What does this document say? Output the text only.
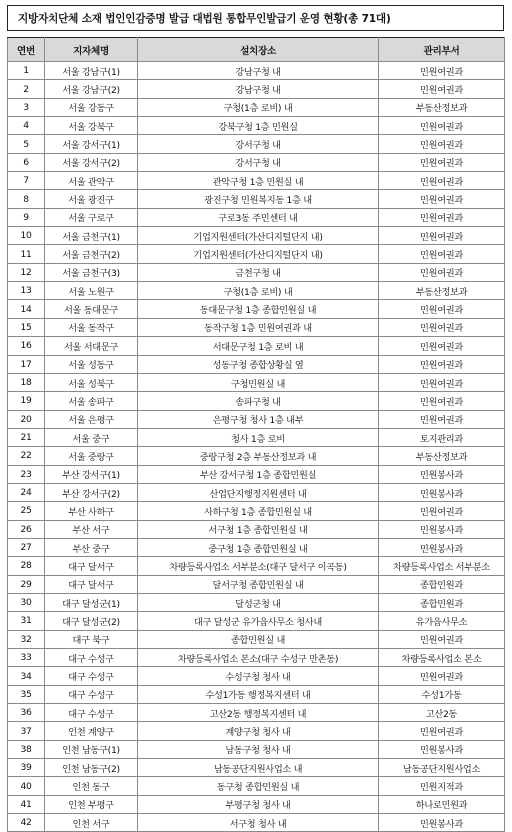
지방자치단체 소재 법인인감증명 발급 대법원 통합무인발급기 운영 현황(총 71대)
연번	지자체명	설치장소	관리부서
1	서울 강남구(1)	강남구청 내	민원여권과
2	서울 강남구(2)	강남구청 내	민원여권과
3	서울 강동구	구청(1층 로비) 내	부동산정보과
4	서울 강북구	강북구청 1층 민원실	민원여권과
5	서울 강서구(1)	강서구청 내	민원여권과
6	서울 강서구(2)	강서구청 내	민원여권과
7	서울 관악구	관악구청 1층 민원실 내	민원여권과
8	서울 광진구	광진구청 민원복지동 1층 내	민원여권과
9	서울 구로구	구로3동 주민센터 내	민원여권과
10	서울 금천구(1)	기업지원센터(가산디지털단지 내)	민원여권과
11	서울 금천구(2)	기업지원센터(가산디지털단지 내)	민원여권과
12	서울 금천구(3)	금천구청 내	민원여권과
13	서울 노원구	구청(1층 로비) 내	부동산정보과
14	서울 동대문구	동대문구청 1층 종합민원실 내	민원여권과
15	서울 동작구	동작구청 1층 민원여권과 내	민원여권과
16	서울 서대문구	서대문구청 1층 로비 내	민원여권과
17	서울 성동구	성동구청 종합상황실 옆	민원여권과
18	서울 성북구	구청민원실 내	민원여권과
19	서울 송파구	송파구청 내	민원여권과
20	서울 은평구	은평구청 청사 1층 내부	민원여권과
21	서울 중구	청사 1층 로비	토지관리과
22	서울 중랑구	중랑구청 2층 부동산정보과 내	부동산정보과
23	부산 강서구(1)	부산 강서구청 1층 종합민원실	민원봉사과
24	부산 강서구(2)	산업단지행정지원센터 내	민원봉사과
25	부산 사하구	사하구청 1층 종합민원실 내	민원여권과
26	부산 서구	서구청 1층 종합민원실 내	민원봉사과
27	부산 중구	중구청 1층 종합민원실 내	민원봉사과
28	대구 달서구	차량등록사업소 서부분소(대구 달서구 이곡동)	차량등록사업소 서부분소
29	대구 달서구	달서구청 종합민원실 내	종합민원과
30	대구 달성군(1)	달성군청 내	종합민원과
31	대구 달성군(2)	대구 달성군 유가읍사무소 청사내	유가읍사무소
32	대구 북구	종합민원실 내	민원여권과
33	대구 수성구	차량등록사업소 본소(대구 수성구 만촌동)	차량등록사업소 본소
34	대구 수성구	수성구청 청사 내	민원여권과
35	대구 수성구	수성1가동 행정복지센터 내	수성1가동
36	대구 수성구	고산2동 행정복지센터 내	고산2동
37	인천 계양구	계양구청 청사 내	민원여권과
38	인천 남동구(1)	남동구청 청사 내	민원봉사과
39	인천 남동구(2)	남동공단지원사업소 내	남동공단지원사업소
40	인천 동구	동구청 종합민원실 내	민원지적과
41	인천 부평구	부평구청 청사 내	하나로민원과
42	인천 서구	서구청 청사 내	민원봉사과
